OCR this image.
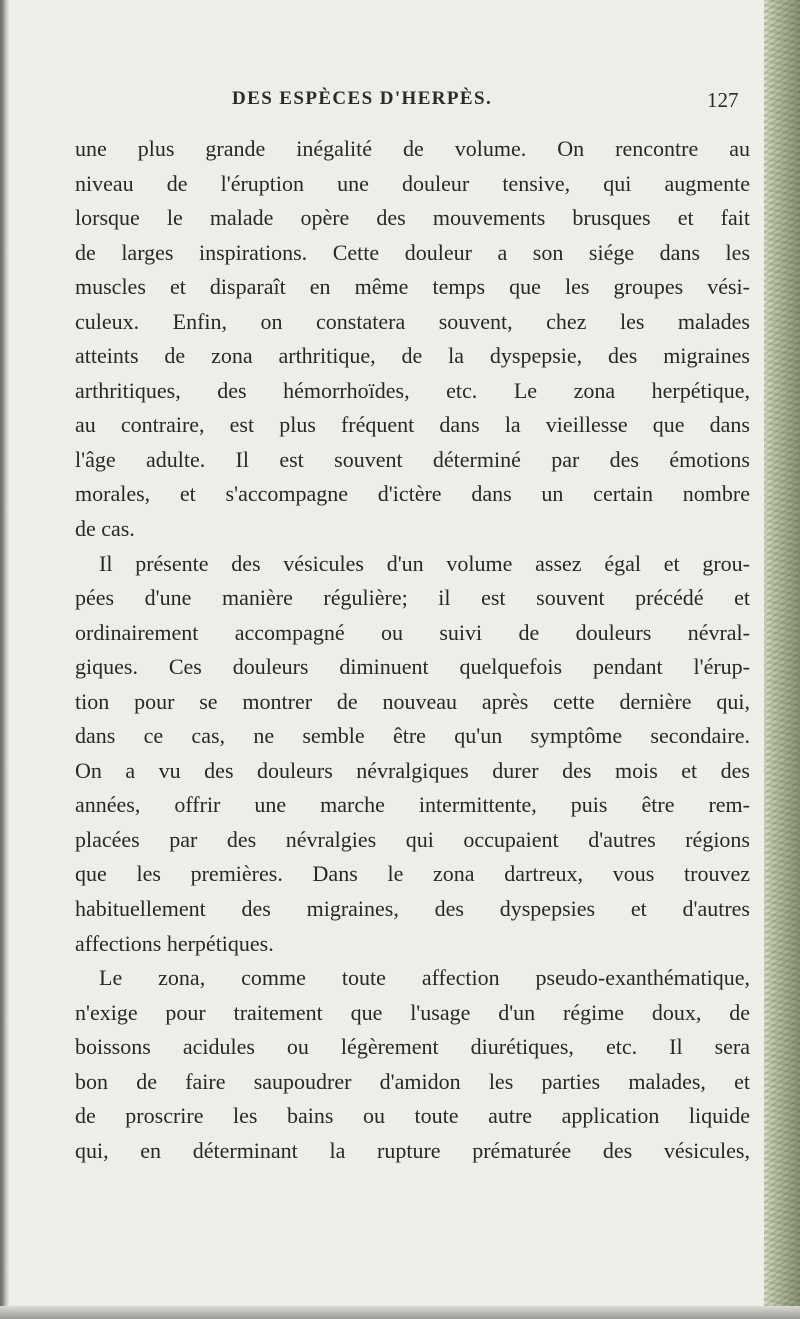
DES ESPÈCES D'HERPÈS.	127
une plus grande inégalité de volume. On rencontre au
niveau de l'éruption une douleur tensive, qui augmente
lorsque le malade opère des mouvements brusques et fait
de larges inspirations. Cette douleur a son siége dans les
muscles et disparaît en même temps que les groupes vési-
culeux. Enfin, on constatera souvent, chez les malades
atteints de zona arthritique, de la dyspepsie, des migraines
arthritiques, des hémorrhoïdes, etc. Le zona herpétique,
au contraire, est plus fréquent dans la vieillesse que dans
l'âge adulte. Il est souvent déterminé par des émotions
morales, et s'accompagne d'ictère dans un certain nombre
de cas.
Il présente des vésicules d'un volume assez égal et grou-
pées d'une manière régulière; il est souvent précédé et
ordinairement accompagné ou suivi de douleurs névral-
giques. Ces douleurs diminuent quelquefois pendant l'érup-
tion pour se montrer de nouveau après cette dernière qui,
dans ce cas, ne semble être qu'un symptôme secondaire.
On a vu des douleurs névralgiques durer des mois et des
années, offrir une marche intermittente, puis être rem-
placées par des névralgies qui occupaient d'autres régions
que les premières. Dans le zona dartreux, vous trouvez
habituellement des migraines, des dyspepsies et d'autres
affections herpétiques.
Le zona, comme toute affection pseudo-exanthématique,
n'exige pour traitement que l'usage d'un régime doux, de
boissons acidules ou légèrement diurétiques, etc. Il sera
bon de faire saupoudrer d'amidon les parties malades, et
de proscrire les bains ou toute autre application liquide
qui, en déterminant la rupture prématurée des vésicules,
